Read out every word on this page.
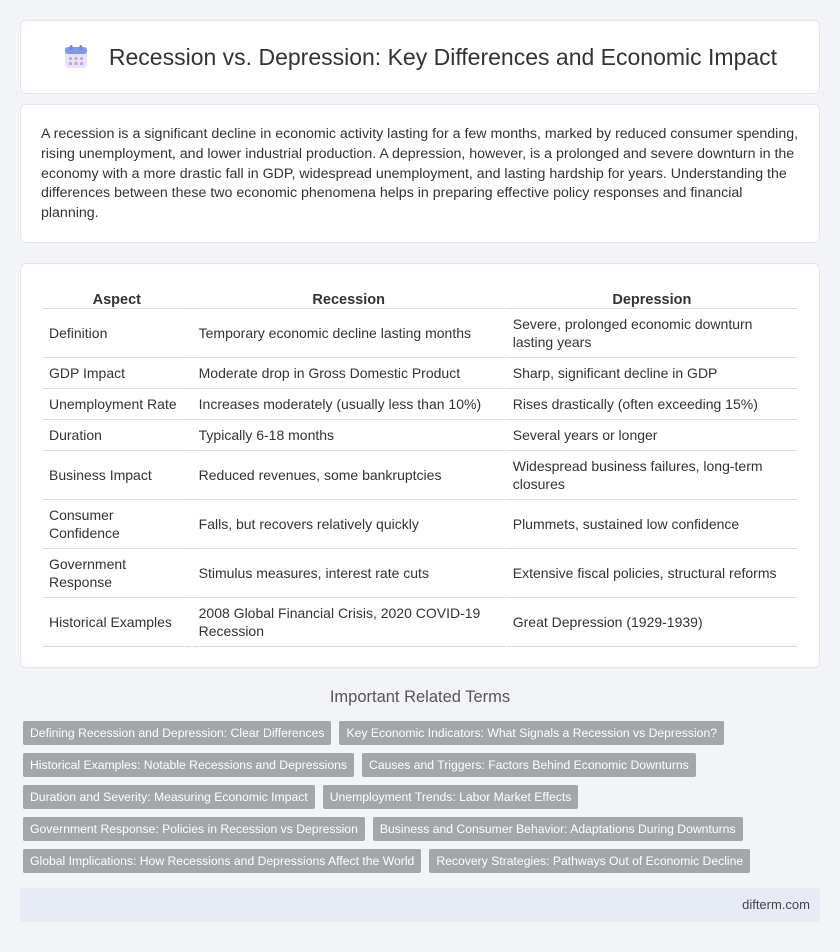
Recession vs. Depression: Key Differences and Economic Impact

A recession is a significant decline in economic activity lasting for a few months, marked by reduced consumer spending, rising unemployment, and lower industrial production. A depression, however, is a prolonged and severe downturn in the economy with a more drastic fall in GDP, widespread unemployment, and lasting hardship for years. Understanding the differences between these two economic phenomena helps in preparing effective policy responses and financial planning.

Aspect	Recession	Depression
Definition	Temporary economic decline lasting months	Severe, prolonged economic downturn lasting years
GDP Impact	Moderate drop in Gross Domestic Product	Sharp, significant decline in GDP
Unemployment Rate	Increases moderately (usually less than 10%)	Rises drastically (often exceeding 15%)
Duration	Typically 6-18 months	Several years or longer
Business Impact	Reduced revenues, some bankruptcies	Widespread business failures, long-term closures
Consumer Confidence	Falls, but recovers relatively quickly	Plummets, sustained low confidence
Government Response	Stimulus measures, interest rate cuts	Extensive fiscal policies, structural reforms
Historical Examples	2008 Global Financial Crisis, 2020 COVID-19 Recession	Great Depression (1929-1939)
Important Related Terms
Defining Recession and Depression: Clear Differences	Key Economic Indicators: What Signals a Recession vs Depression?
Historical Examples: Notable Recessions and Depressions	Causes and Triggers: Factors Behind Economic Downturns
Duration and Severity: Measuring Economic Impact	Unemployment Trends: Labor Market Effects
Government Response: Policies in Recession vs Depression	Business and Consumer Behavior: Adaptations During Downturns
Global Implications: How Recessions and Depressions Affect the World	Recovery Strategies: Pathways Out of Economic Decline
difterm.com
